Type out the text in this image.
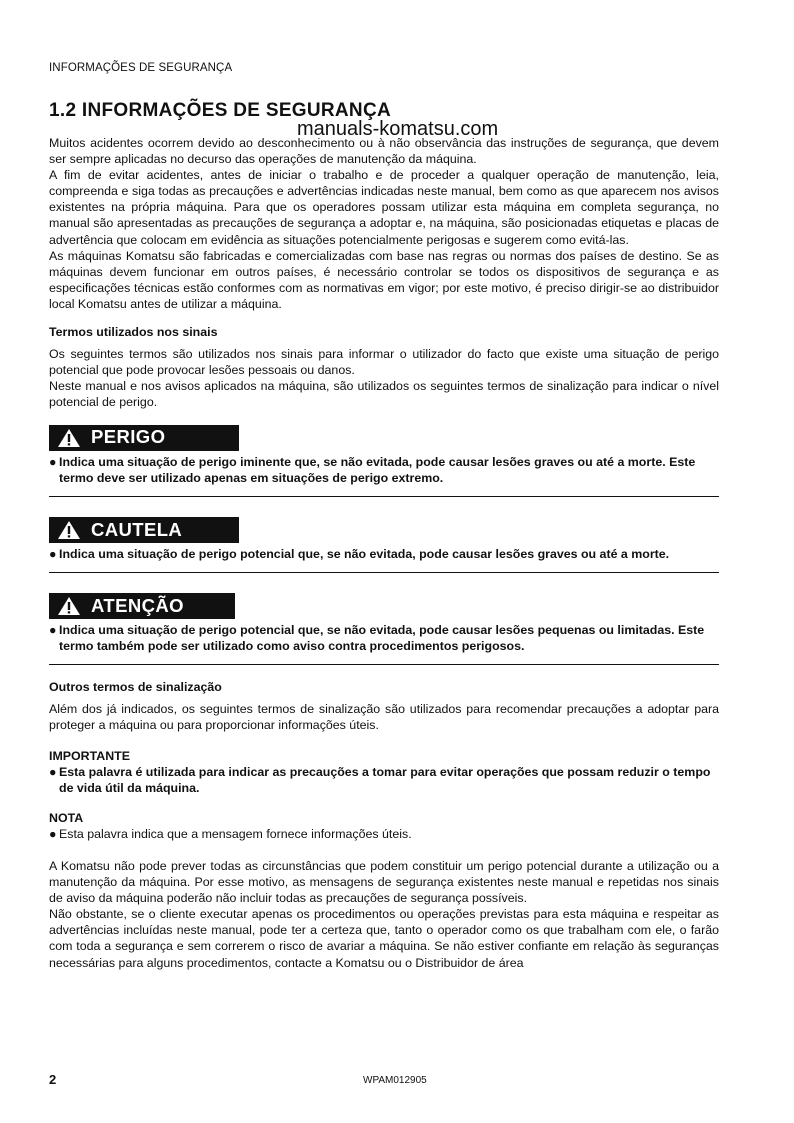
INFORMAÇÕES DE SEGURANÇA
1.2 INFORMAÇÕES DE SEGURANÇA
manuals-komatsu.com

Muitos acidentes ocorrem devido ao desconhecimento ou à não observância das instruções de segurança, que devem ser sempre aplicadas no decurso das operações de manutenção da máquina.

A fim de evitar acidentes, antes de iniciar o trabalho e de proceder a qualquer operação de manutenção, leia, compreenda e siga todas as precauções e advertências indicadas neste manual, bem como as que aparecem nos avisos existentes na própria máquina. Para que os operadores possam utilizar esta máquina em completa segurança, no manual são apresentadas as precauções de segurança a adoptar e, na máquina, são posicionadas etiquetas e placas de advertência que colocam em evidência as situações potencialmente perigosas e sugerem como evitá-las.

As máquinas Komatsu são fabricadas e comercializadas com base nas regras ou normas dos países de destino. Se as máquinas devem funcionar em outros países, é necessário controlar se todos os dispositivos de segurança e as especificações técnicas estão conformes com as normativas em vigor; por este motivo, é preciso dirigir-se ao distribuidor local Komatsu antes de utilizar a máquina.

Termos utilizados nos sinais

Os seguintes termos são utilizados nos sinais para informar o utilizador do facto que existe uma situação de perigo potencial que pode provocar lesões pessoais ou danos.

Neste manual e nos avisos aplicados na máquina, são utilizados os seguintes termos de sinalização para indicar o nível potencial de perigo.

PERIGO
● Indica uma situação de perigo iminente que, se não evitada, pode causar lesões graves ou até a morte. Este termo deve ser utilizado apenas em situações de perigo extremo.
CAUTELA
● Indica uma situação de perigo potencial que, se não evitada, pode causar lesões graves ou até a morte.
ATENÇÃO
● Indica uma situação de perigo potencial que, se não evitada, pode causar lesões pequenas ou limitadas. Este termo também pode ser utilizado como aviso contra procedimentos perigosos.

Outros termos de sinalização

Além dos já indicados, os seguintes termos de sinalização são utilizados para recomendar precauções a adoptar para proteger a máquina ou para proporcionar informações úteis.

IMPORTANTE

● Esta palavra é utilizada para indicar as precauções a tomar para evitar operações que possam reduzir o tempo de vida útil da máquina.

NOTA

● Esta palavra indica que a mensagem fornece informações úteis.

A Komatsu não pode prever todas as circunstâncias que podem constituir um perigo potencial durante a utilização ou a manutenção da máquina. Por esse motivo, as mensagens de segurança existentes neste manual e repetidas nos sinais de aviso da máquina poderão não incluir todas as precauções de segurança possíveis.

Não obstante, se o cliente executar apenas os procedimentos ou operações previstas para esta máquina e respeitar as advertências incluídas neste manual, pode ter a certeza que, tanto o operador como os que trabalham com ele, o farão com toda a segurança e sem correrem o risco de avariar a máquina. Se não estiver confiante em relação às seguranças necessárias para alguns procedimentos, contacte a Komatsu ou o Distribuidor de área

2	WPAM012905
